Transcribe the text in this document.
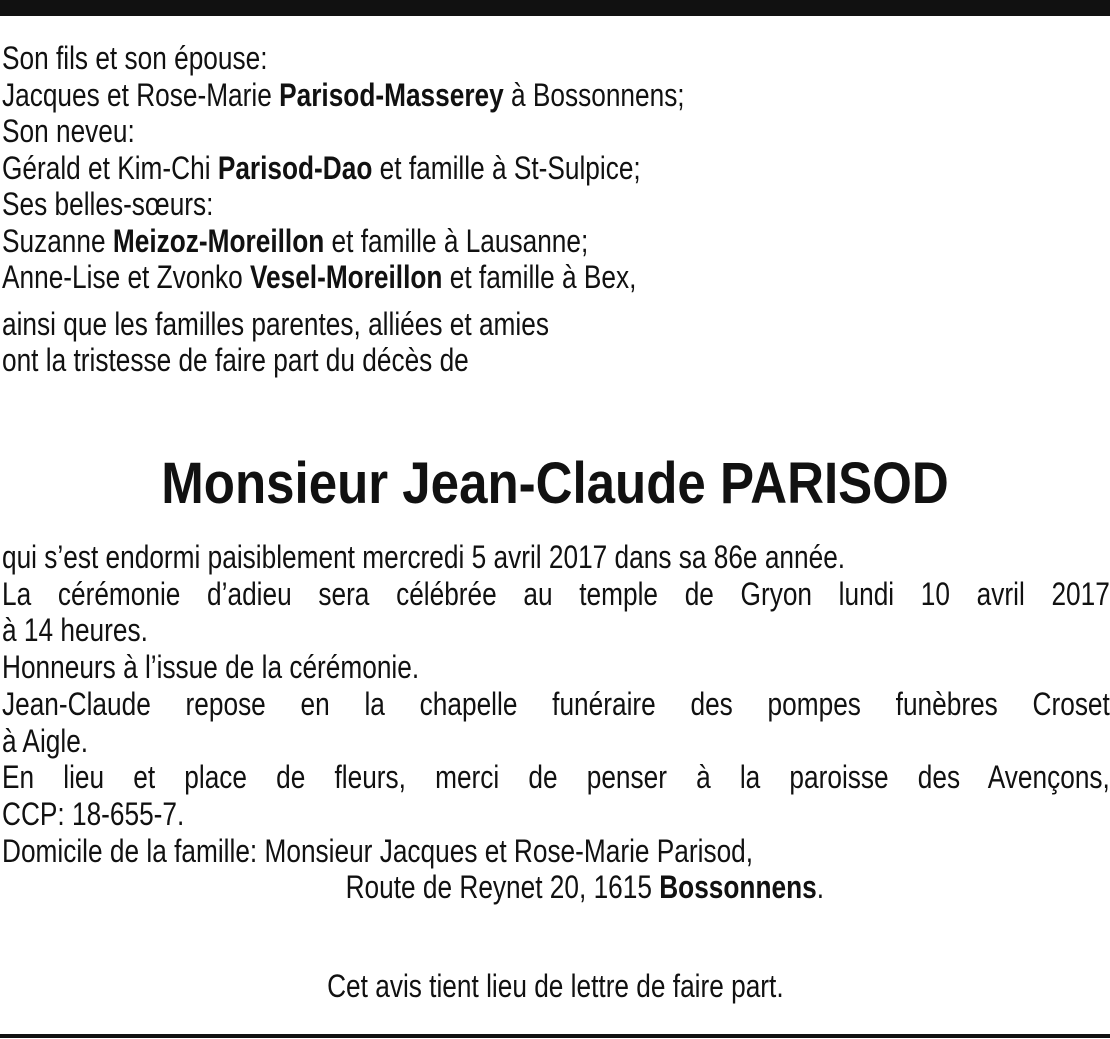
Son fils et son épouse:
Jacques et Rose-Marie Parisod-Masserey à Bossonnens;
Son neveu:
Gérald et Kim-Chi Parisod-Dao et famille à St-Sulpice;
Ses belles-sœurs:
Suzanne Meizoz-Moreillon et famille à Lausanne;
Anne-Lise et Zvonko Vesel-Moreillon et famille à Bex,
ainsi que les familles parentes, alliées et amies
ont la tristesse de faire part du décès de
Monsieur Jean-Claude PARISOD
qui s’est endormi paisiblement mercredi 5 avril 2017 dans sa 86e année.
La cérémonie d’adieu sera célébrée au temple de Gryon lundi 10 avril 2017
à 14 heures.
Honneurs à l’issue de la cérémonie.
Jean-Claude repose en la chapelle funéraire des pompes funèbres Croset
à Aigle.
En lieu et place de fleurs, merci de penser à la paroisse des Avençons,
CCP: 18-655-7.
Domicile de la famille: Monsieur Jacques et Rose-Marie Parisod,
Route de Reynet 20, 1615 Bossonnens.
Cet avis tient lieu de lettre de faire part.
